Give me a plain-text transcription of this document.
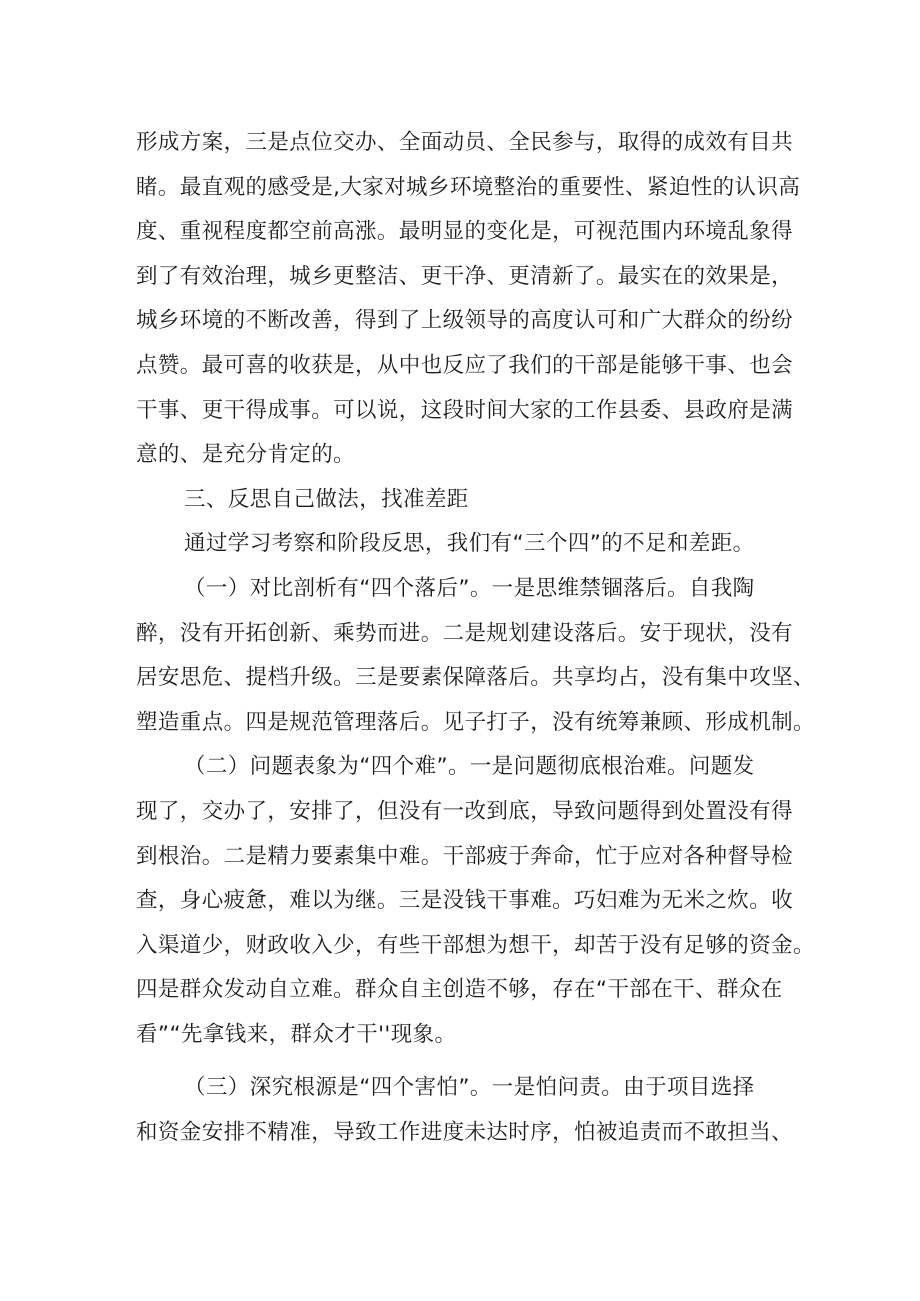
形成方案，三是点位交办、全面动员、全民参与，取得的成效有目共
睹。最直观的感受是,大家对城乡环境整治的重要性、紧迫性的认识高
度、重视程度都空前高涨。最明显的变化是，可视范围内环境乱象得
到了有效治理，城乡更整洁、更干净、更清新了。最实在的效果是，
城乡环境的不断改善，得到了上级领导的高度认可和广大群众的纷纷
点赞。最可喜的收获是，从中也反应了我们的干部是能够干事、也会
干事、更干得成事。可以说，这段时间大家的工作县委、县政府是满
意的、是充分肯定的。
三、反思自己做法，找准差距
通过学习考察和阶段反思，我们有“三个四”的不足和差距。
（一）对比剖析有“四个落后”。一是思维禁锢落后。自我陶
醉，没有开拓创新、乘势而进。二是规划建设落后。安于现状，没有
居安思危、提档升级。三是要素保障落后。共享均占，没有集中攻坚、
塑造重点。四是规范管理落后。见子打子，没有统筹兼顾、形成机制。
（二）问题表象为“四个难”。一是问题彻底根治难。问题发
现了，交办了，安排了，但没有一改到底，导致问题得到处置没有得
到根治。二是精力要素集中难。干部疲于奔命，忙于应对各种督导检
查，身心疲惫，难以为继。三是没钱干事难。巧妇难为无米之炊。收
入渠道少，财政收入少，有些干部想为想干，却苦于没有足够的资金。
四是群众发动自立难。群众自主创造不够，存在“干部在干、群众在
看”“先拿钱来，群众才干''现象。
（三）深究根源是“四个害怕”。一是怕问责。由于项目选择
和资金安排不精准，导致工作进度未达时序，怕被追责而不敢担当、
